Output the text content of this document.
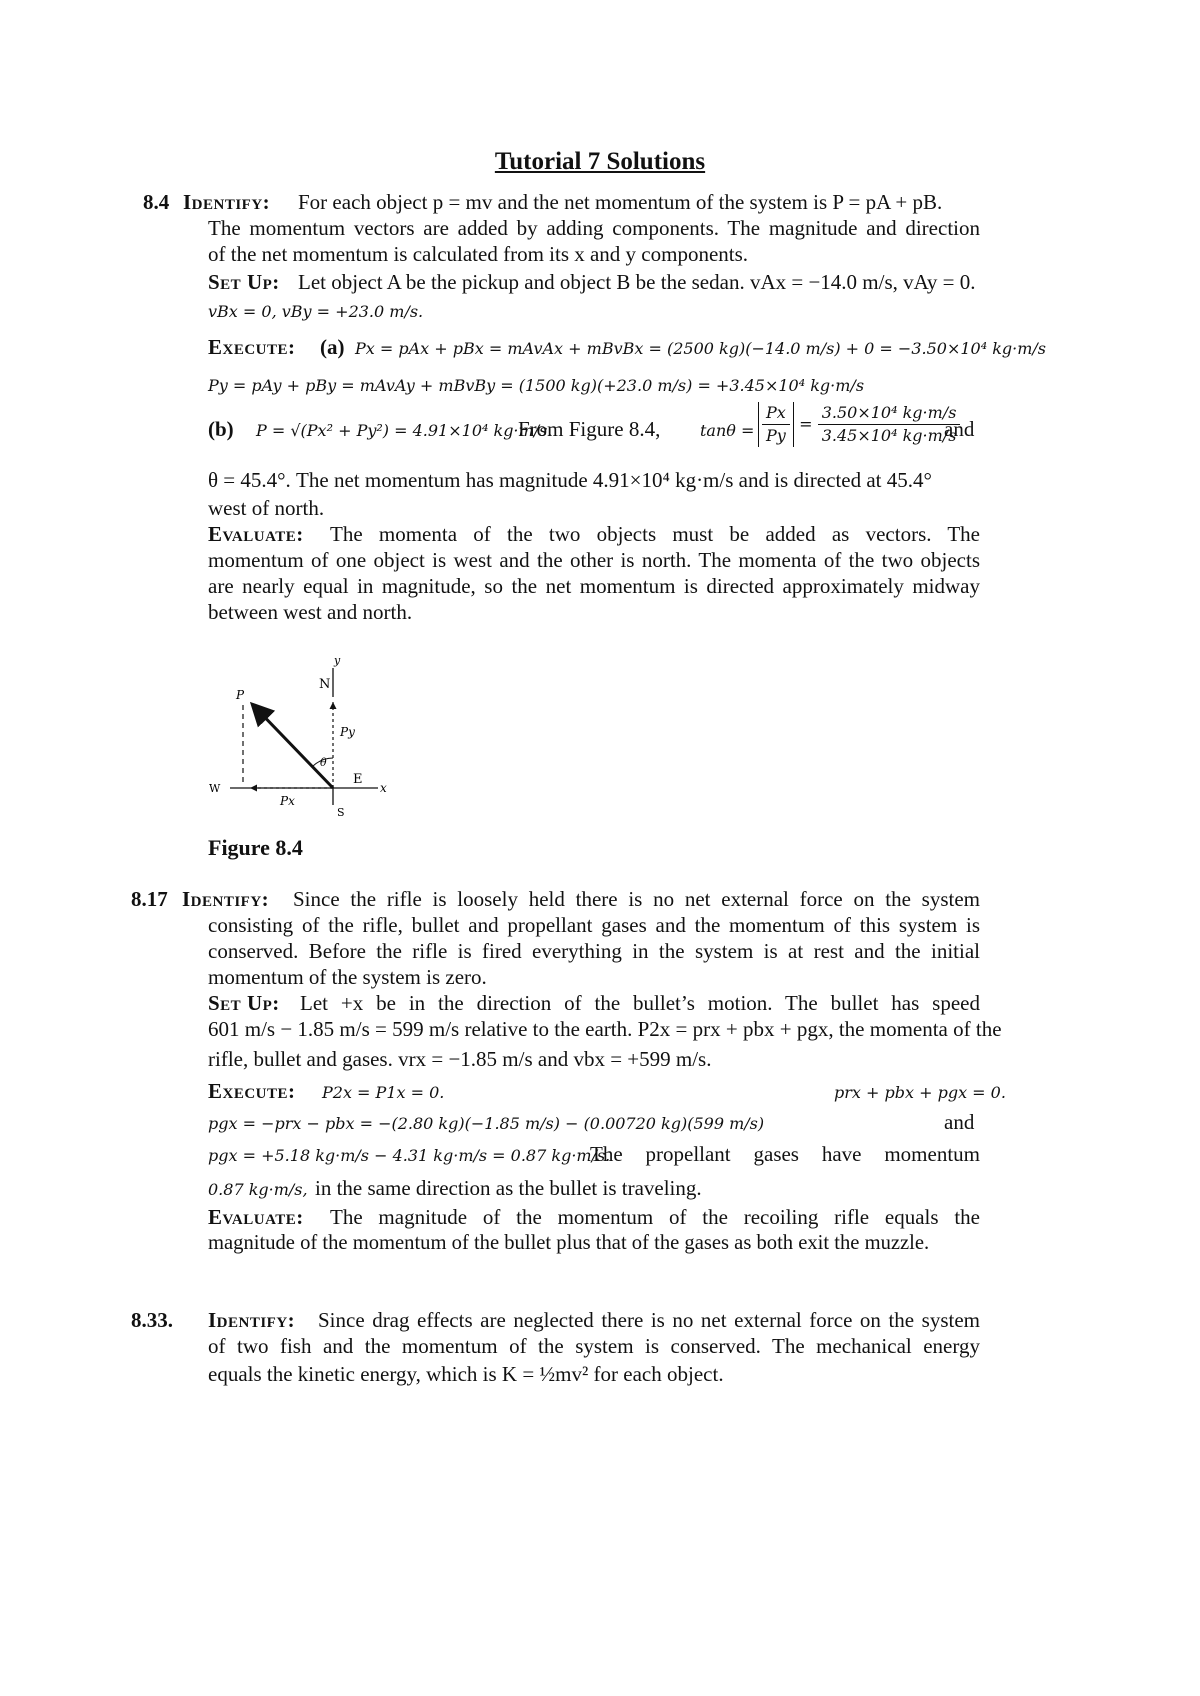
Tutorial 7 Solutions
8.4 Identify: For each object p = mv and the net momentum of the system is P = pA + pB.
The momentum vectors are added by adding components. The magnitude and direction
of the net momentum is calculated from its x and y components.
Set Up: Let object A be the pickup and object B be the sedan. vAx = −14.0 m/s, vAy = 0.
vBx = 0, vBy = +23.0 m/s.
Execute: (a) Px = pAx + pBx = mAvAx + mBvBx = (2500 kg)(−14.0 m/s) + 0 = −3.50×10⁴ kg·m/s
Py = pAy + pBy = mAvAy + mBvBy = (1500 kg)(+23.0 m/s) = +3.45×10⁴ kg·m/s
(b) P = √(Px² + Py²) = 4.91×10⁴ kg·m/s.
From Figure 8.4, $\tan\theta = \frac{Px}{Py} = \frac{\text{3.50×10⁴ kg·m/s}}{\text{3.45×10⁴ kg·m/s}}$
and
θ = 45.4°. The net momentum has magnitude 4.91×10⁴ kg·m/s and is directed at 45.4°
west of north.
Evaluate: The momenta of the two objects must be added as vectors. The
momentum of one object is west and the other is north. The momenta of the two objects
are nearly equal in magnitude, so the net momentum is directed approximately midway
between west and north.
y
N
P
Py
θ
W
E
x
Px
S
Figure 8.4
8.17 Identify: Since the rifle is loosely held there is no net external force on the system
consisting of the rifle, bullet and propellant gases and the momentum of this system is
conserved. Before the rifle is fired everything in the system is at rest and the initial
momentum of the system is zero.
Set Up: Let +x be in the direction of the bullet’s motion. The bullet has speed
601 m/s − 1.85 m/s = 599 m/s relative to the earth. P2x = prx + pbx + pgx, the momenta of the
rifle, bullet and gases. vrx = −1.85 m/s and vbx = +599 m/s.
Execute: P2x = P1x = 0.	prx + pbx + pgx = 0.
pgx = −prx − pbx = −(2.80 kg)(−1.85 m/s) − (0.00720 kg)(599 m/s)	and
pgx = +5.18 kg·m/s − 4.31 kg·m/s = 0.87 kg·m/s.
The propellant gases have momentum
0.87 kg·m/s, in the same direction as the bullet is traveling.
Evaluate: The magnitude of the momentum of the recoiling rifle equals the
magnitude of the momentum of the bullet plus that of the gases as both exit the muzzle.
8.33. Identify: Since drag effects are neglected there is no net external force on the system
of two fish and the momentum of the system is conserved. The mechanical energy
equals the kinetic energy, which is K = ½mv² for each object.
